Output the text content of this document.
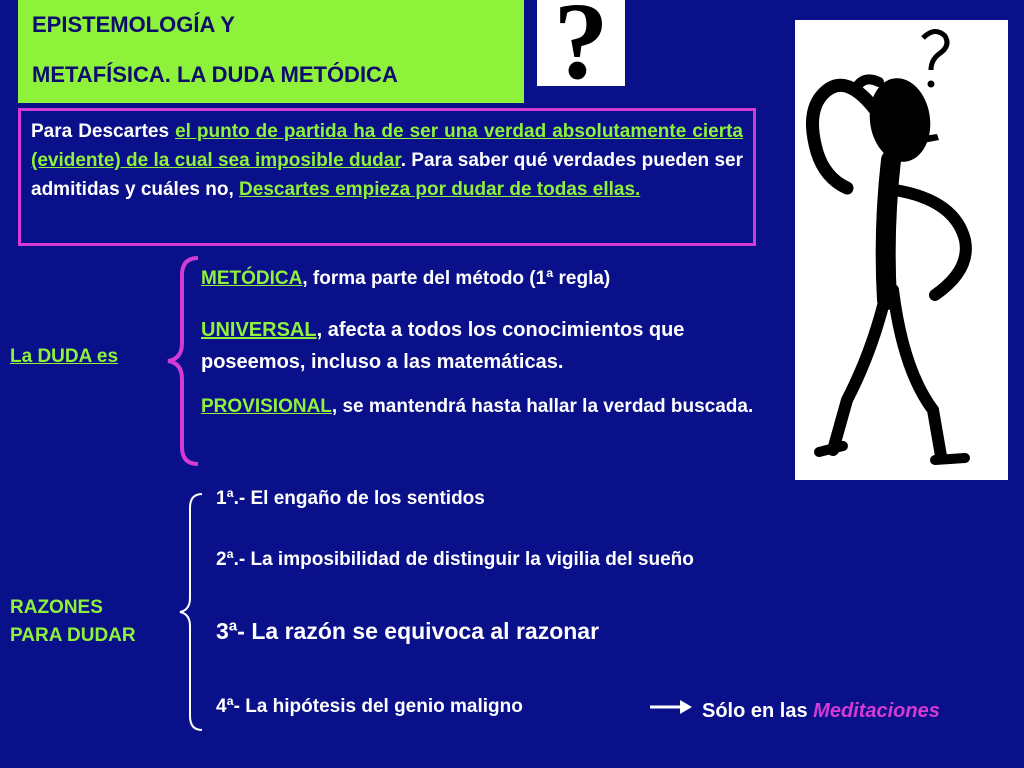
EPISTEMOLOGÍA Y
METAFÍSICA. LA DUDA METÓDICA ?
Para Descartes el punto de partida ha de ser una verdad absolutamente cierta (evidente) de la cual sea imposible dudar. Para saber qué verdades pueden ser admitidas y cuáles no, Descartes empieza por dudar de todas ellas.
La DUDA es
METÓDICA, forma parte del método (1ª regla)
UNIVERSAL, afecta a todos los conocimientos que poseemos, incluso a las matemáticas.
PROVISIONAL, se mantendrá hasta hallar la verdad buscada.
RAZONES
PARA DUDAR
1ª.- El engaño de los sentidos
2ª.- La imposibilidad de distinguir la vigilia del sueño
3ª- La razón se equivoca al razonar
4ª- La hipótesis del genio maligno	Sólo en las Meditaciones
